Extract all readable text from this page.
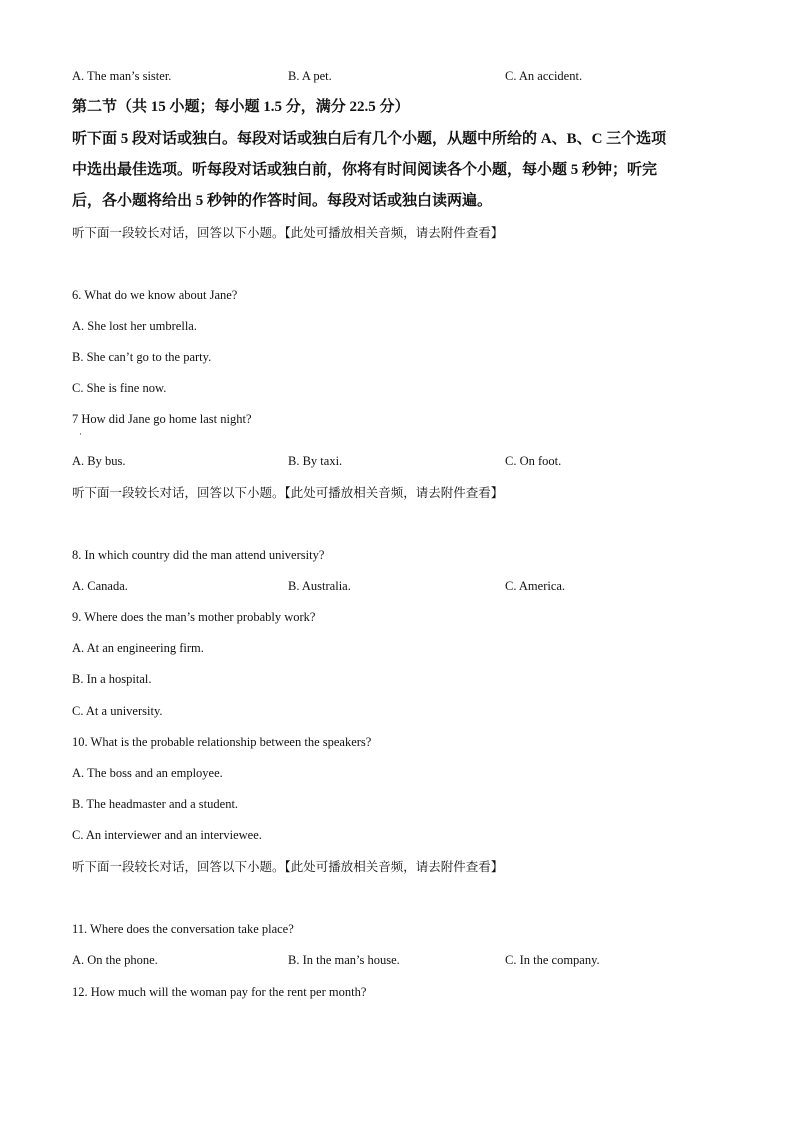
A. The man’s sister.	B. A pet.	C. An accident.
第二节（共 15 小题；每小题 1.5 分，满分 22.5 分）
听下面 5 段对话或独白。每段对话或独白后有几个小题，从题中所给的 A、B、C 三个选项
中选出最佳选项。听每段对话或独白前，你将有时间阅读各个小题，每小题 5 秒钟；听完
后，各小题将给出 5 秒钟的作答时间。每段对话或独白读两遍。
听下面一段较长对话，回答以下小题。【此处可播放相关音频，请去附件查看】
6. What do we know about Jane?
A. She lost her umbrella.
B. She can’t go to the party.
C. She is fine now.
7 How did Jane go home last night?
·
A. By bus.	B. By taxi.	C. On foot.
听下面一段较长对话，回答以下小题。【此处可播放相关音频，请去附件查看】
8. In which country did the man attend university?
A. Canada.	B. Australia.	C. America.
9. Where does the man’s mother probably work?
A. At an engineering firm.
B. In a hospital.
C. At a university.
10. What is the probable relationship between the speakers?
A. The boss and an employee.
B. The headmaster and a student.
C. An interviewer and an interviewee.
听下面一段较长对话，回答以下小题。【此处可播放相关音频，请去附件查看】
11. Where does the conversation take place?
A. On the phone.	B. In the man’s house.	C. In the company.
12. How much will the woman pay for the rent per month?
